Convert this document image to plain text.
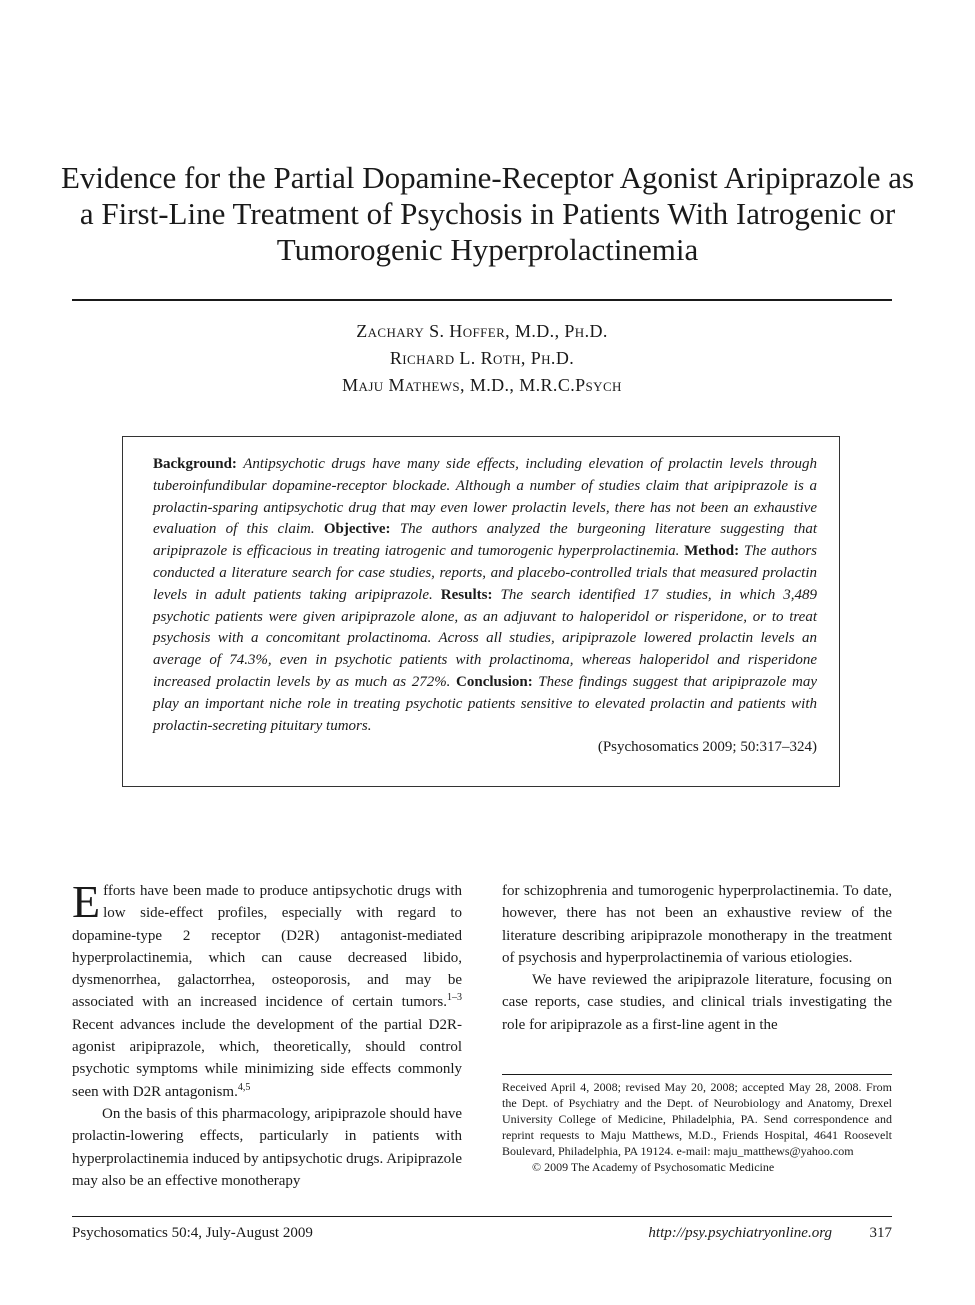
Evidence for the Partial Dopamine-Receptor Agonist Aripiprazole as a First-Line Treatment of Psychosis in Patients With Iatrogenic or Tumorogenic Hyperprolactinemia
Zachary S. Hoffer, M.D., Ph.D.
Richard L. Roth, Ph.D.
Maju Mathews, M.D., M.R.C.Psych
Background: Antipsychotic drugs have many side effects, including elevation of prolactin levels through tuberoinfundibular dopamine-receptor blockade. Although a number of studies claim that aripiprazole is a prolactin-sparing antipsychotic drug that may even lower prolactin levels, there has not been an exhaustive evaluation of this claim. Objective: The authors analyzed the burgeoning literature suggesting that aripiprazole is efficacious in treating iatrogenic and tumorogenic hyperprolactinemia. Method: The authors conducted a literature search for case studies, reports, and placebo-controlled trials that measured prolactin levels in adult patients taking aripiprazole. Results: The search identified 17 studies, in which 3,489 psychotic patients were given aripiprazole alone, as an adjuvant to haloperidol or risperidone, or to treat psychosis with a concomitant prolactinoma. Across all studies, aripiprazole lowered prolactin levels an average of 74.3%, even in psychotic patients with prolactinoma, whereas haloperidol and risperidone increased prolactin levels by as much as 272%. Conclusion: These findings suggest that aripiprazole may play an important niche role in treating psychotic patients sensitive to elevated prolactin and patients with prolactin-secreting pituitary tumors.
(Psychosomatics 2009; 50:317–324)

Efforts have been made to produce antipsychotic drugs with low side-effect profiles, especially with regard to dopamine-type 2 receptor (D2R) antagonist-mediated hyperprolactinemia, which can cause decreased libido, dysmenorrhea, galactorrhea, osteoporosis, and may be associated with an increased incidence of certain tumors.$^{1-3}$ Recent advances include the development of the partial D2R-agonist aripiprazole, which, theoretically, should control psychotic symptoms while minimizing side effects commonly seen with D2R antagonism.$^{4,5}$

On the basis of this pharmacology, aripiprazole should have prolactin-lowering effects, particularly in patients with hyperprolactinemia induced by antipsychotic drugs. Aripiprazole may also be an effective monotherapy

for schizophrenia and tumorogenic hyperprolactinemia. To date, however, there has not been an exhaustive review of the literature describing aripiprazole monotherapy in the treatment of psychosis and hyperprolactinemia of various etiologies.

We have reviewed the aripiprazole literature, focusing on case reports, case studies, and clinical trials investigating the role for aripiprazole as a first-line agent in the

Received April 4, 2008; revised May 20, 2008; accepted May 28, 2008. From the Dept. of Psychiatry and the Dept. of Neurobiology and Anatomy, Drexel University College of Medicine, Philadelphia, PA. Send correspondence and reprint requests to Maju Matthews, M.D., Friends Hospital, 4641 Roosevelt Boulevard, Philadelphia, PA 19124. e-mail: maju_matthews@yahoo.com

© 2009 The Academy of Psychosomatic Medicine

Psychosomatics 50:4, July-August 2009	http://psy.psychiatryonline.org	317
